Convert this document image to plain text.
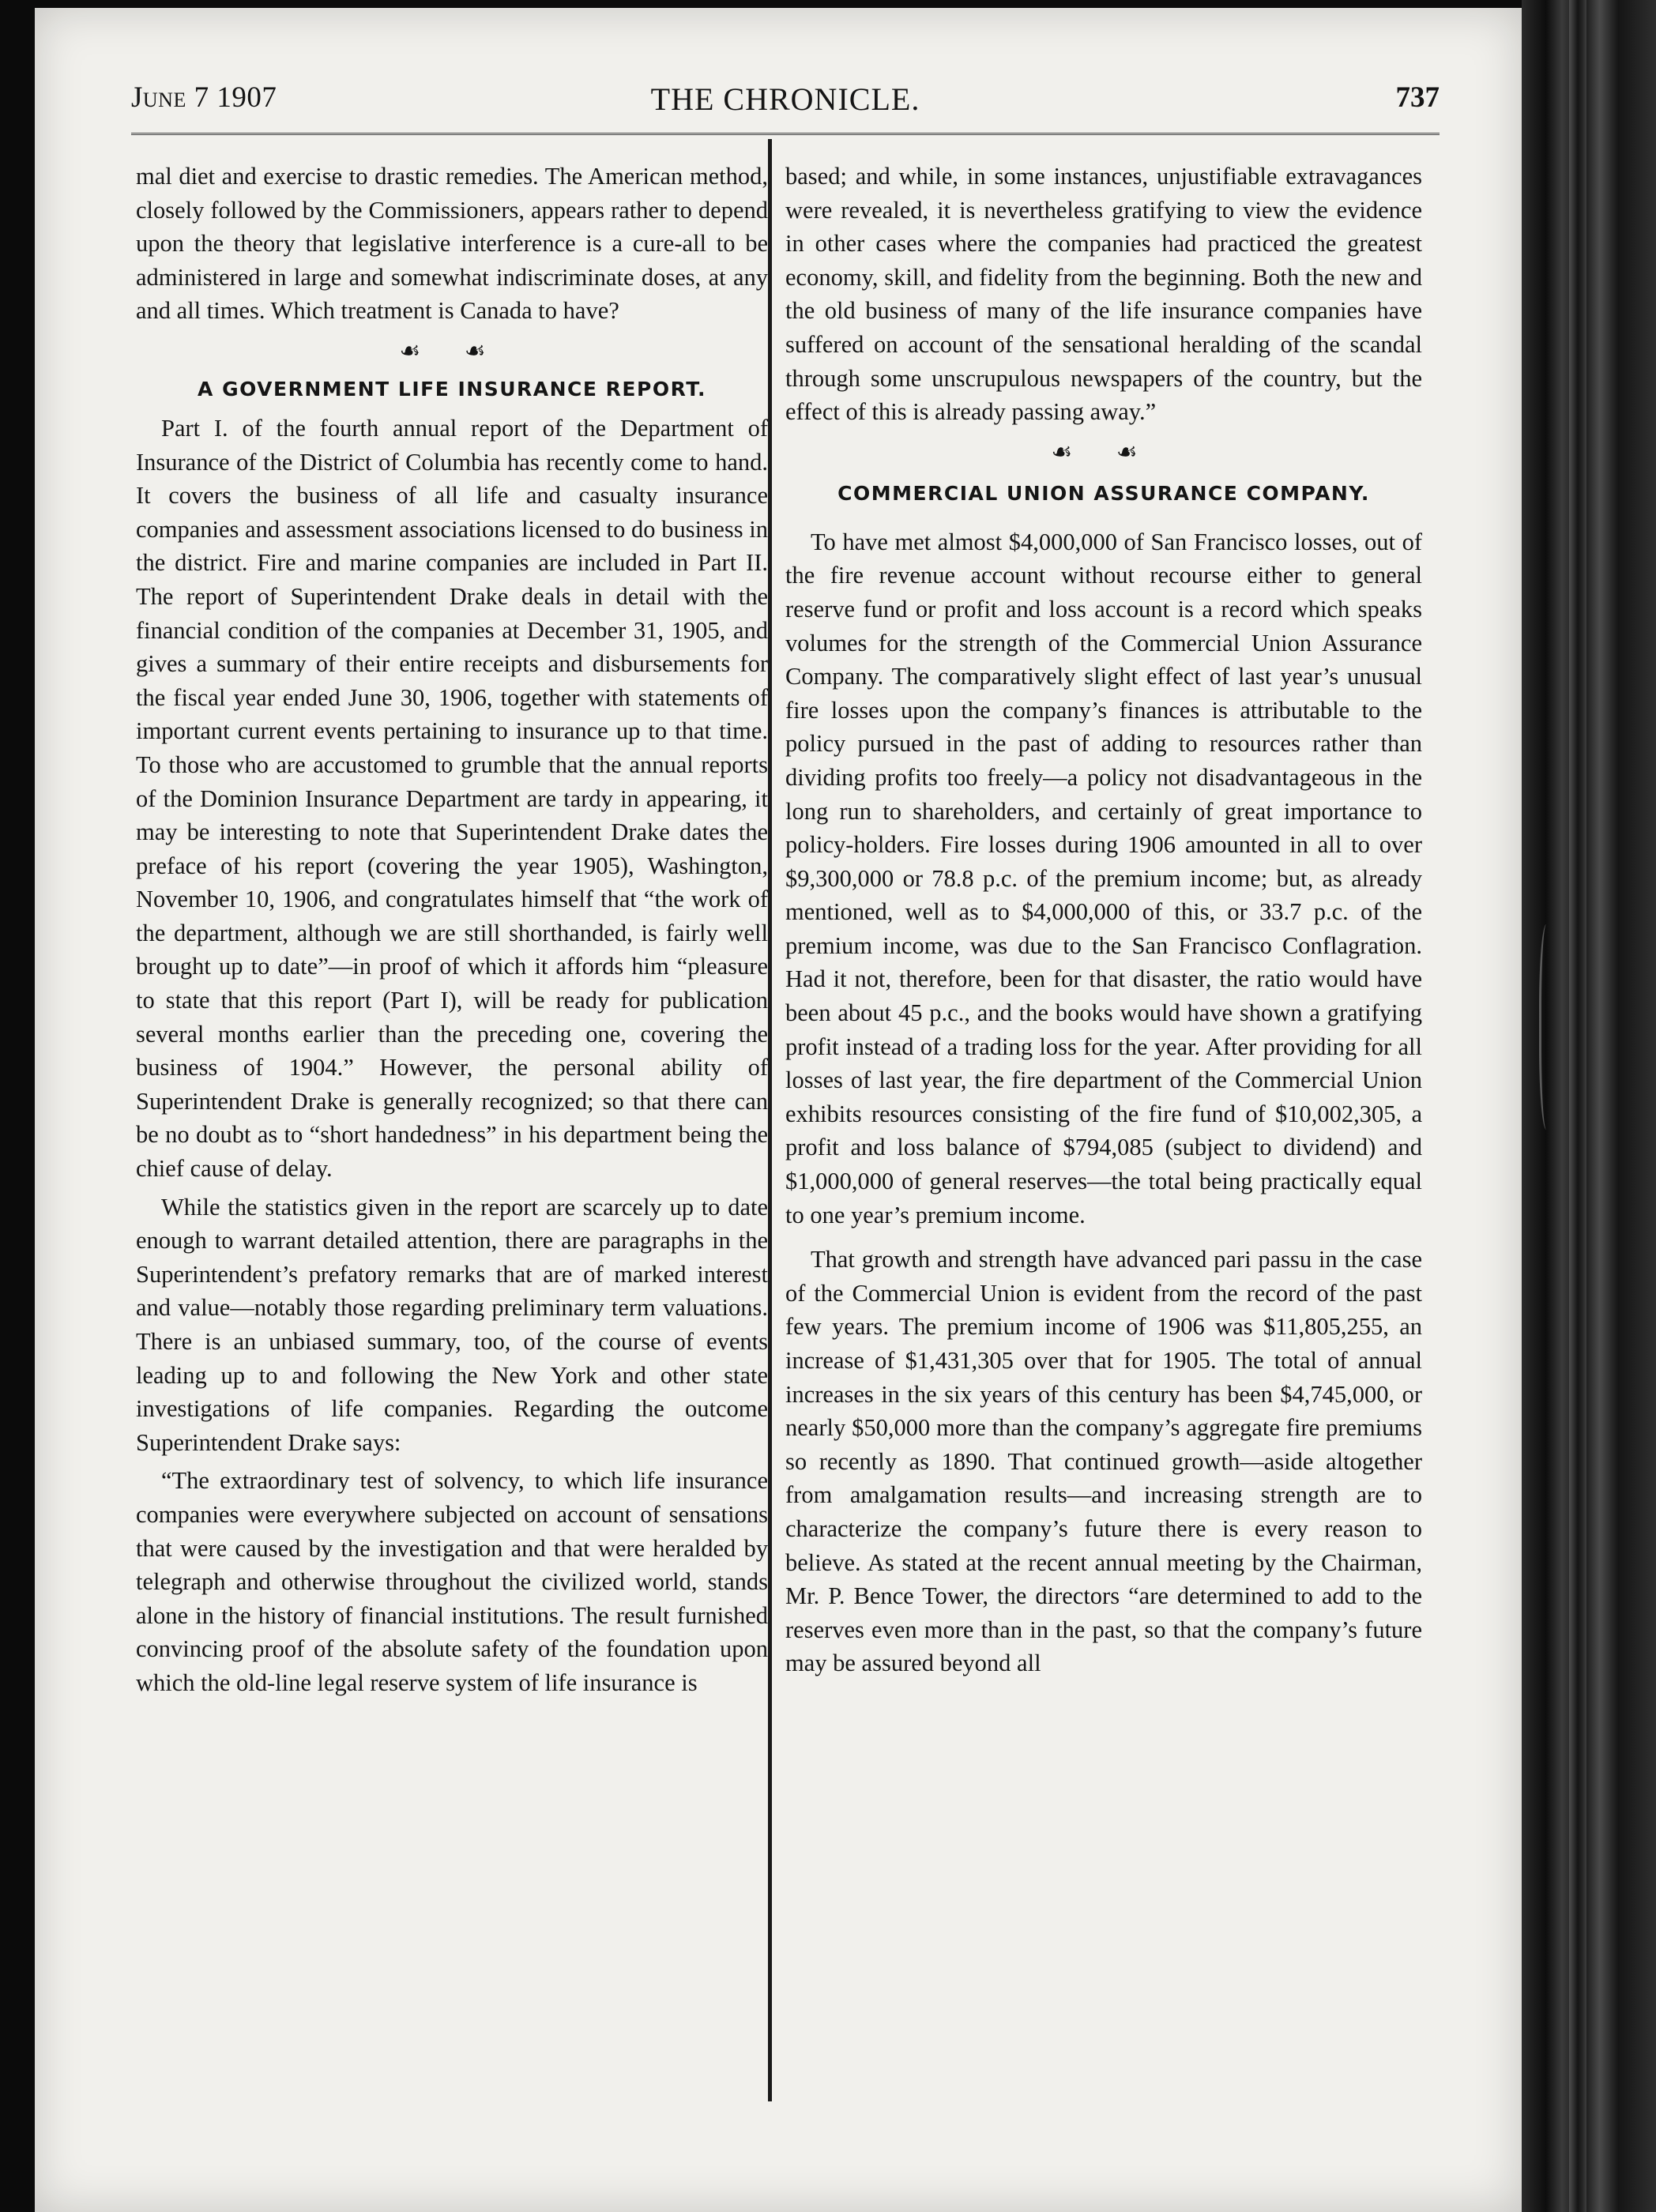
June 7 1907	THE CHRONICLE.	737

mal diet and exercise to drastic remedies. The American method, closely followed by the Commissioners, appears rather to depend upon the theory that legislative interference is a cure-all to be administered in large and somewhat indiscriminate doses, at any and all times. Which treatment is Canada to have?

☙ ☙
A GOVERNMENT LIFE INSURANCE REPORT.

Part I. of the fourth annual report of the Department of Insurance of the District of Columbia has recently come to hand. It covers the business of all life and casualty insurance companies and assessment associations licensed to do business in the district. Fire and marine companies are included in Part II. The report of Superintendent Drake deals in detail with the financial condition of the companies at December 31, 1905, and gives a summary of their entire receipts and disbursements for the fiscal year ended June 30, 1906, together with statements of important current events pertaining to insurance up to that time. To those who are accustomed to grumble that the annual reports of the Dominion Insurance Department are tardy in appearing, it may be interesting to note that Superintendent Drake dates the preface of his report (covering the year 1905), Washington, November 10, 1906, and congratulates himself that “the work of the department, although we are still shorthanded, is fairly well brought up to date”—in proof of which it affords him “pleasure to state that this report (Part I), will be ready for publication several months earlier than the preceding one, covering the business of 1904.” However, the personal ability of Superintendent Drake is generally recognized; so that there can be no doubt as to “short handedness” in his department being the chief cause of delay.

While the statistics given in the report are scarcely up to date enough to warrant detailed attention, there are paragraphs in the Superintendent’s prefatory remarks that are of marked interest and value—notably those regarding preliminary term valuations. There is an unbiased summary, too, of the course of events leading up to and following the New York and other state investigations of life companies. Regarding the outcome Superintendent Drake says:

“The extraordinary test of solvency, to which life insurance companies were everywhere subjected on account of sensations that were caused by the investigation and that were heralded by telegraph and otherwise throughout the civilized world, stands alone in the history of financial institutions. The result furnished convincing proof of the absolute safety of the foundation upon which the old-line legal reserve system of life insurance is

based; and while, in some instances, unjustifiable extravagances were revealed, it is nevertheless gratifying to view the evidence in other cases where the companies had practiced the greatest economy, skill, and fidelity from the beginning. Both the new and the old business of many of the life insurance companies have suffered on account of the sensational heralding of the scandal through some unscrupulous newspapers of the country, but the effect of this is already passing away.”

☙ ☙
COMMERCIAL UNION ASSURANCE COMPANY.

To have met almost $4,000,000 of San Francisco losses, out of the fire revenue account without recourse either to general reserve fund or profit and loss account is a record which speaks volumes for the strength of the Commercial Union Assurance Company. The comparatively slight effect of last year’s unusual fire losses upon the company’s finances is attributable to the policy pursued in the past of adding to resources rather than dividing profits too freely—a policy not disadvantageous in the long run to shareholders, and certainly of great importance to policy-holders. Fire losses during 1906 amounted in all to over $9,300,000 or 78.8 p.c. of the premium income; but, as already mentioned, well as to $4,000,000 of this, or 33.7 p.c. of the premium income, was due to the San Francisco Conflagration. Had it not, therefore, been for that disaster, the ratio would have been about 45 p.c., and the books would have shown a gratifying profit instead of a trading loss for the year. After providing for all losses of last year, the fire department of the Commercial Union exhibits resources consisting of the fire fund of $10,002,305, a profit and loss balance of $794,085 (subject to dividend) and $1,000,000 of general reserves—the total being practically equal to one year’s premium income.

That growth and strength have advanced pari passu in the case of the Commercial Union is evident from the record of the past few years. The premium income of 1906 was $11,805,255, an increase of $1,431,305 over that for 1905. The total of annual increases in the six years of this century has been $4,745,000, or nearly $50,000 more than the company’s aggregate fire premiums so recently as 1890. That continued growth—aside altogether from amalgamation results—and increasing strength are to characterize the company’s future there is every reason to believe. As stated at the recent annual meeting by the Chairman, Mr. P. Bence Tower, the directors “are determined to add to the reserves even more than in the past, so that the company’s future may be assured beyond all
